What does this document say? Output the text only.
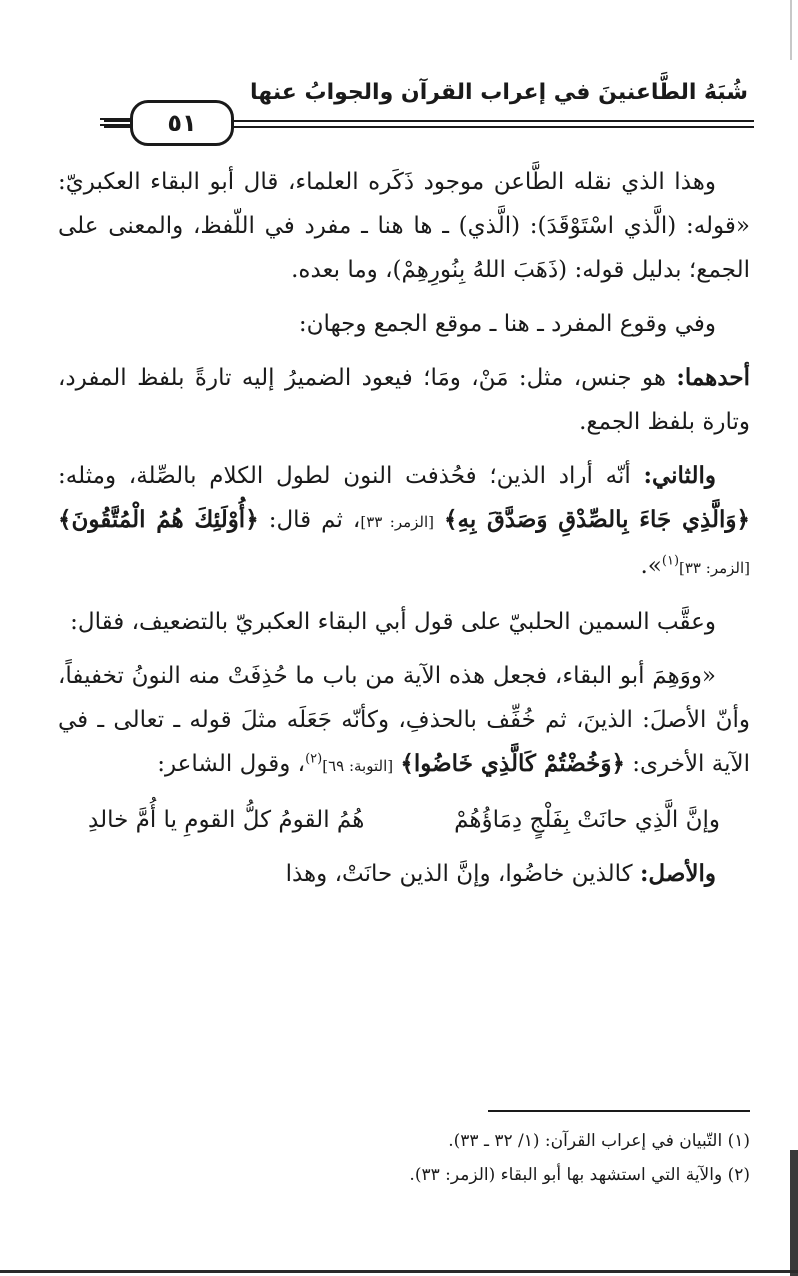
شُبَهُ الطَّاعنينَ في إعراب القرآن والجوابُ عنها
٥١

وهذا الذي نقله الطَّاعن موجود ذَكَره العلماء، قال أبو البقاء العكبريّ: «قوله: (الَّذي اسْتَوْقَدَ): (الَّذي) ـ ها هنا ـ مفرد في اللّفظ، والمعنى على الجمع؛ بدليل قوله: (ذَهَبَ اللهُ بِنُورِهِمْ)، وما بعده.

وفي وقوع المفرد ـ هنا ـ موقع الجمع وجهان:

أحدهما: هو جنس، مثل: مَنْ، ومَا؛ فيعود الضميرُ إليه تارةً بلفظ المفرد، وتارة بلفظ الجمع.

والثاني: أنّه أراد الذين؛ فحُذفت النون لطول الكلام بالصِّلة، ومثله: ﴿وَالَّذِي جَاءَ بِالصِّدْقِ وَصَدَّقَ بِهِ﴾ [الزمر: ٣٣]، ثم قال: ﴿أُوْلَئِكَ هُمُ الْمُتَّقُونَ﴾ [الزمر: ٣٣]$^{(١)}$».

وعقَّب السمين الحلبيّ على قول أبي البقاء العكبريّ بالتضعيف، فقال:

«ووَهِمَ أبو البقاء، فجعل هذه الآية من باب ما حُذِفَتْ منه النونُ تخفيفاً، وأنّ الأصلَ: الذينَ، ثم خُفِّف بالحذفِ، وكأنّه جَعَلَه مثلَ قوله ـ تعالى ـ في الآية الأخرى: ﴿وَخُضْتُمْ كَالَّذِي خَاضُوا﴾ [التوبة: ٦٩]$^{(٢)}$، وقول الشاعر:

وإنَّ الَّذِي حانَتْ بِفَلْجٍ دِمَاؤُهُمْ
هُمُ القومُ كلُّ القومِ يا أُمَّ خالدِ

والأصل: كالذين خاضُوا، وإنَّ الذين حانَتْ، وهذا

(١) التّبيان في إعراب القرآن: (١/ ٣٢ ـ ٣٣).
(٢) والآية التي استشهد بها أبو البقاء (الزمر: ٣٣).
